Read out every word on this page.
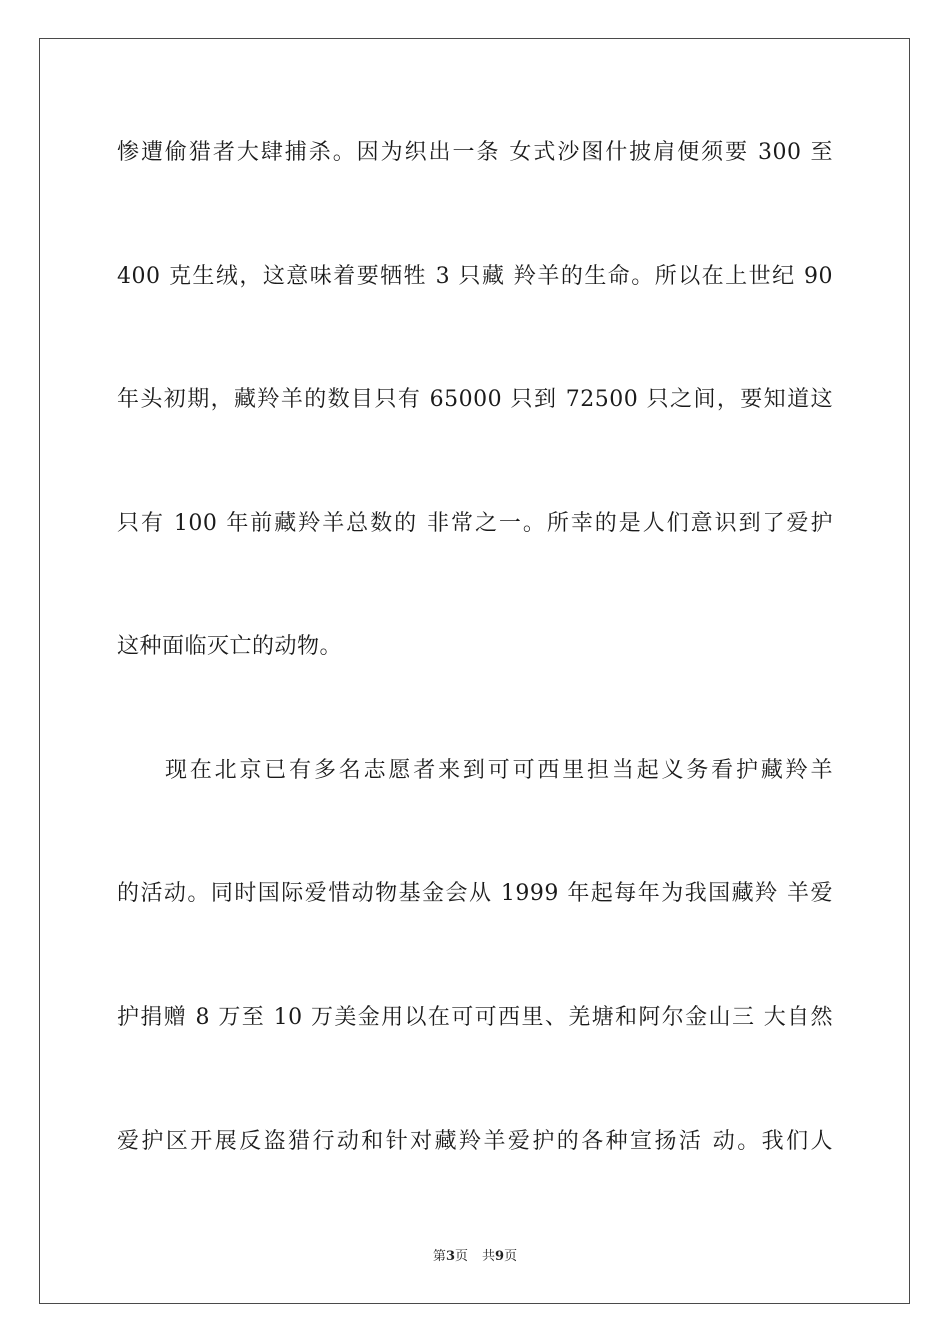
惨遭偷猎者大肆捕杀。因为织出一条 女式沙图什披肩便须要 300 至
400 克生绒，这意味着要牺牲 3 只藏 羚羊的生命。所以在上世纪 90
年头初期，藏羚羊的数目只有 65000 只到 72500 只之间，要知道这
只有 100 年前藏羚羊总数的 非常之一。所幸的是人们意识到了爱护
这种面临灭亡的动物。
现在北京已有多名志愿者来到可可西里担当起义务看护藏羚羊
的活动。同时国际爱惜动物基金会从 1999 年起每年为我国藏羚 羊爱
护捐赠 8 万至 10 万美金用以在可可西里、羌塘和阿尔金山三 大自然
爱护区开展反盗猎行动和针对藏羚羊爱护的各种宣扬活 动。我们人
第3页 共9页
